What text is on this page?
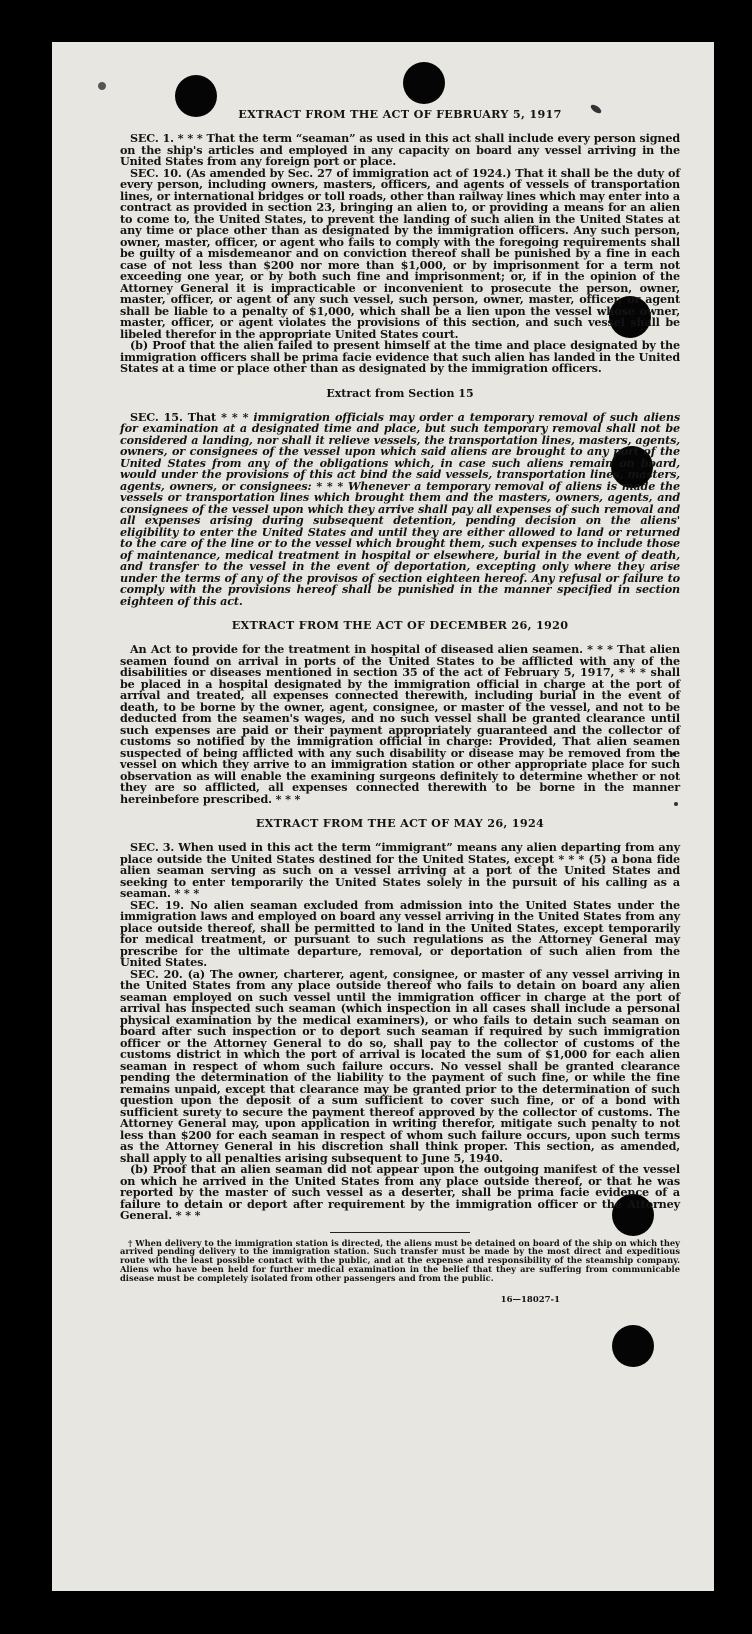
EXTRACT FROM THE ACT OF FEBRUARY 5, 1917

SEC. 1. * * * That the term “seaman” as used in this act shall include every person signed on the ship's articles and employed in any capacity on board any vessel arriving in the United States from any foreign port or place.

SEC. 10. (As amended by Sec. 27 of immigration act of 1924.) That it shall be the duty of every person, including owners, masters, officers, and agents of vessels of transportation lines, or international bridges or toll roads, other than railway lines which may enter into a contract as provided in section 23, bringing an alien to, or providing a means for an alien to come to, the United States, to prevent the landing of such alien in the United States at any time or place other than as designated by the immigration officers. Any such person, owner, master, officer, or agent who fails to comply with the foregoing requirements shall be guilty of a misdemeanor and on conviction thereof shall be punished by a fine in each case of not less than $200 nor more than $1,000, or by imprisonment for a term not exceeding one year, or by both such fine and imprisonment; or, if in the opinion of the Attorney General it is impracticable or inconvenient to prosecute the person, owner, master, officer, or agent of any such vessel, such person, owner, master, officer, or agent shall be liable to a penalty of $1,000, which shall be a lien upon the vessel whose owner, master, officer, or agent violates the provisions of this section, and such vessel shall be libeled therefor in the appropriate United States court.

(b) Proof that the alien failed to present himself at the time and place designated by the immigration officers shall be prima facie evidence that such alien has landed in the United States at a time or place other than as designated by the immigration officers.

Extract from Section 15

SEC. 15. That * * * immigration officials may order a temporary removal of such aliens for examination at a designated time and place, but such temporary removal shall not be considered a landing, nor shall it relieve vessels, the transportation lines, masters, agents, owners, or consignees of the vessel upon which said aliens are brought to any port of the United States from any of the obligations which, in case such aliens remain on board, would under the provisions of this act bind the said vessels, transportation lines, masters, agents, owners, or consignees: * * * Whenever a temporary removal of aliens is made the vessels or transportation lines which brought them and the masters, owners, agents, and consignees of the vessel upon which they arrive shall pay all expenses of such removal and all expenses arising during subsequent detention, pending decision on the aliens' eligibility to enter the United States and until they are either allowed to land or returned to the care of the line or to the vessel which brought them, such expenses to include those of maintenance, medical treatment in hospital or elsewhere, burial in the event of death, and transfer to the vessel in the event of deportation, excepting only where they arise under the terms of any of the provisos of section eighteen hereof. Any refusal or failure to comply with the provisions hereof shall be punished in the manner specified in section eighteen of this act.

EXTRACT FROM THE ACT OF DECEMBER 26, 1920

An Act to provide for the treatment in hospital of diseased alien seamen. * * * That alien seamen found on arrival in ports of the United States to be afflicted with any of the disabilities or diseases mentioned in section 35 of the act of February 5, 1917, * * * shall be placed in a hospital designated by the immigration official in charge at the port of arrival and treated, all expenses connected therewith, including burial in the event of death, to be borne by the owner, agent, consignee, or master of the vessel, and not to be deducted from the seamen's wages, and no such vessel shall be granted clearance until such expenses are paid or their payment appropriately guaranteed and the collector of customs so notified by the immigration official in charge: Provided, That alien seamen suspected of being afflicted with any such disability or disease may be removed from the vessel on which they arrive to an immigration station or other appropriate place for such observation as will enable the examining surgeons definitely to determine whether or not they are so afflicted, all expenses connected therewith to be borne in the manner hereinbefore prescribed. * * *

EXTRACT FROM THE ACT OF MAY 26, 1924

SEC. 3. When used in this act the term “immigrant” means any alien departing from any place outside the United States destined for the United States, except * * * (5) a bona fide alien seaman serving as such on a vessel arriving at a port of the United States and seeking to enter temporarily the United States solely in the pursuit of his calling as a seaman. * * *

SEC. 19. No alien seaman excluded from admission into the United States under the immigration laws and employed on board any vessel arriving in the United States from any place outside thereof, shall be permitted to land in the United States, except temporarily for medical treatment, or pursuant to such regulations as the Attorney General may prescribe for the ultimate departure, removal, or deportation of such alien from the United States.

SEC. 20. (a) The owner, charterer, agent, consignee, or master of any vessel arriving in the United States from any place outside thereof who fails to detain on board any alien seaman employed on such vessel until the immigration officer in charge at the port of arrival has inspected such seaman (which inspection in all cases shall include a personal physical examination by the medical examiners), or who fails to detain such seaman on board after such inspection or to deport such seaman if required by such immigration officer or the Attorney General to do so, shall pay to the collector of customs of the customs district in which the port of arrival is located the sum of $1,000 for each alien seaman in respect of whom such failure occurs. No vessel shall be granted clearance pending the determination of the liability to the payment of such fine, or while the fine remains unpaid, except that clearance may be granted prior to the determination of such question upon the deposit of a sum sufficient to cover such fine, or of a bond with sufficient surety to secure the payment thereof approved by the collector of customs. The Attorney General may, upon application in writing therefor, mitigate such penalty to not less than $200 for each seaman in respect of whom such failure occurs, upon such terms as the Attorney General in his discretion shall think proper. This section, as amended, shall apply to all penalties arising subsequent to June 5, 1940.

(b) Proof that an alien seaman did not appear upon the outgoing manifest of the vessel on which he arrived in the United States from any place outside thereof, or that he was reported by the master of such vessel as a deserter, shall be prima facie evidence of a failure to detain or deport after requirement by the immigration officer or the Attorney General. * * *

† When delivery to the immigration station is directed, the aliens must be detained on board of the ship on which they arrived pending delivery to the immigration station. Such transfer must be made by the most direct and expeditious route with the least possible contact with the public, and at the expense and responsibility of the steamship company. Aliens who have been held for further medical examination in the belief that they are suffering from communicable disease must be completely isolated from other passengers and from the public.

16—18027-1
